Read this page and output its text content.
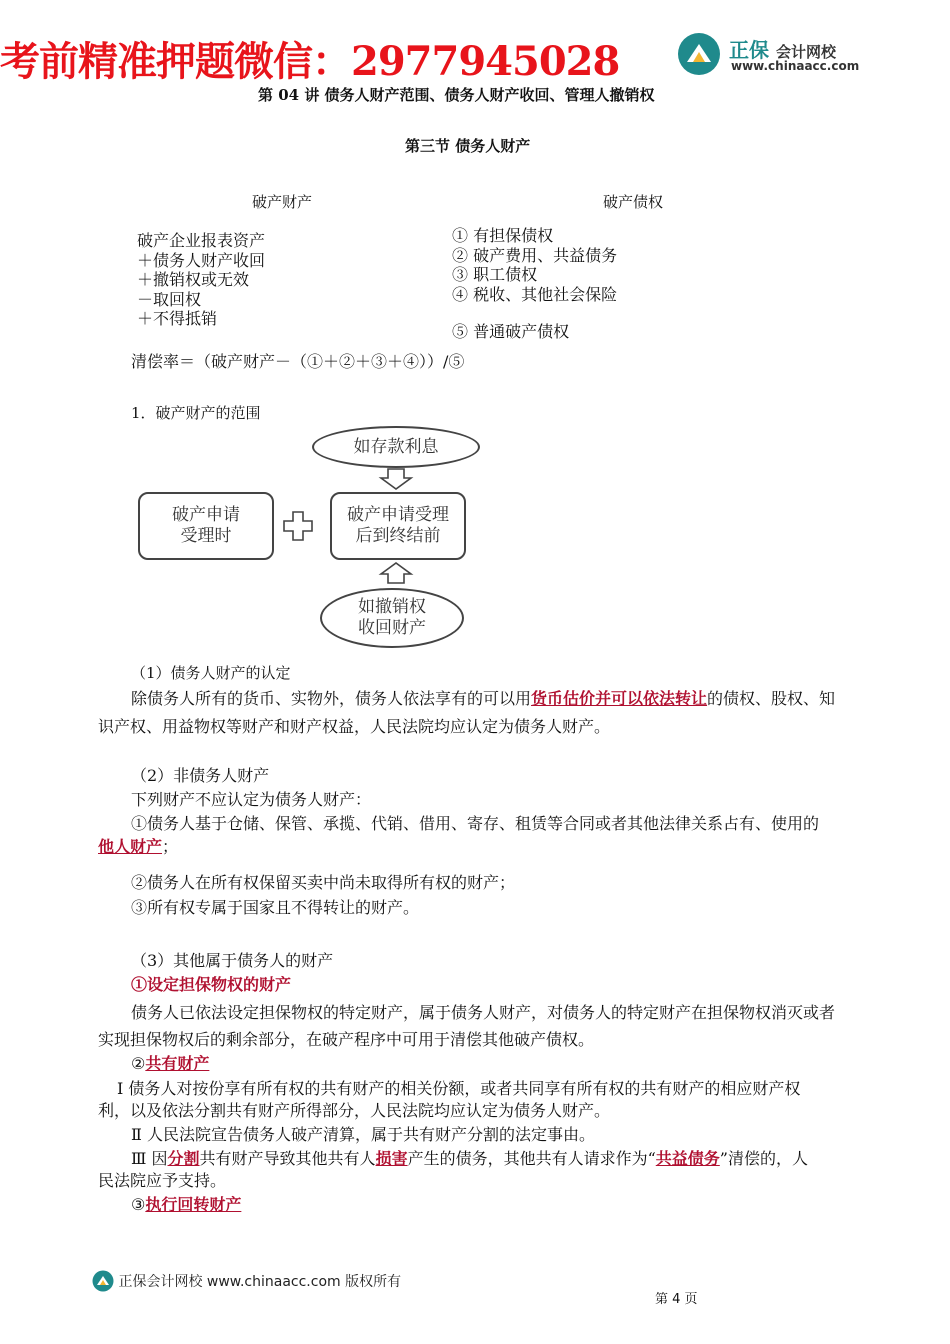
考前精准押题微信：2977945028	正保 会计网校
www.chinaacc.com
第 04 讲 债务人财产范围、债务人财产收回、管理人撤销权
第三节 债务人财产
破产财产	破产债权
破产企业报表资产
＋债务人财产收回
＋撤销权或无效
－取回权
＋不得抵销
① 有担保债权
② 破产费用、共益债务
③ 职工债权
④ 税收、其他社会保险
⑤ 普通破产债权
清偿率＝（破产财产－（①＋②＋③＋④））/⑤
1．破产财产的范围
如存款利息
破产申请
受理时
破产申请受理
后到终结前
如撤销权
收回财产
（1）债务人财产的认定
除债务人所有的货币、实物外，债务人依法享有的可以用货币估价并可以依法转让的债权、股权、知
识产权、用益物权等财产和财产权益，人民法院均应认定为债务人财产。
（2）非债务人财产
下列财产不应认定为债务人财产：
①债务人基于仓储、保管、承揽、代销、借用、寄存、租赁等合同或者其他法律关系占有、使用的
他人财产；
②债务人在所有权保留买卖中尚未取得所有权的财产；
③所有权专属于国家且不得转让的财产。
（3）其他属于债务人的财产
①设定担保物权的财产
债务人已依法设定担保物权的特定财产，属于债务人财产，对债务人的特定财产在担保物权消灭或者
实现担保物权后的剩余部分，在破产程序中可用于清偿其他破产债权。
②共有财产
Ⅰ 债务人对按份享有所有权的共有财产的相关份额，或者共同享有所有权的共有财产的相应财产权
利，以及依法分割共有财产所得部分，人民法院均应认定为债务人财产。
Ⅱ 人民法院宣告债务人破产清算，属于共有财产分割的法定事由。
Ⅲ 因分割共有财产导致其他共有人损害产生的债务，其他共有人请求作为“共益债务”清偿的，人
民法院应予支持。
③执行回转财产
正保会计网校 www.chinaacc.com 版权所有
第 4 页
